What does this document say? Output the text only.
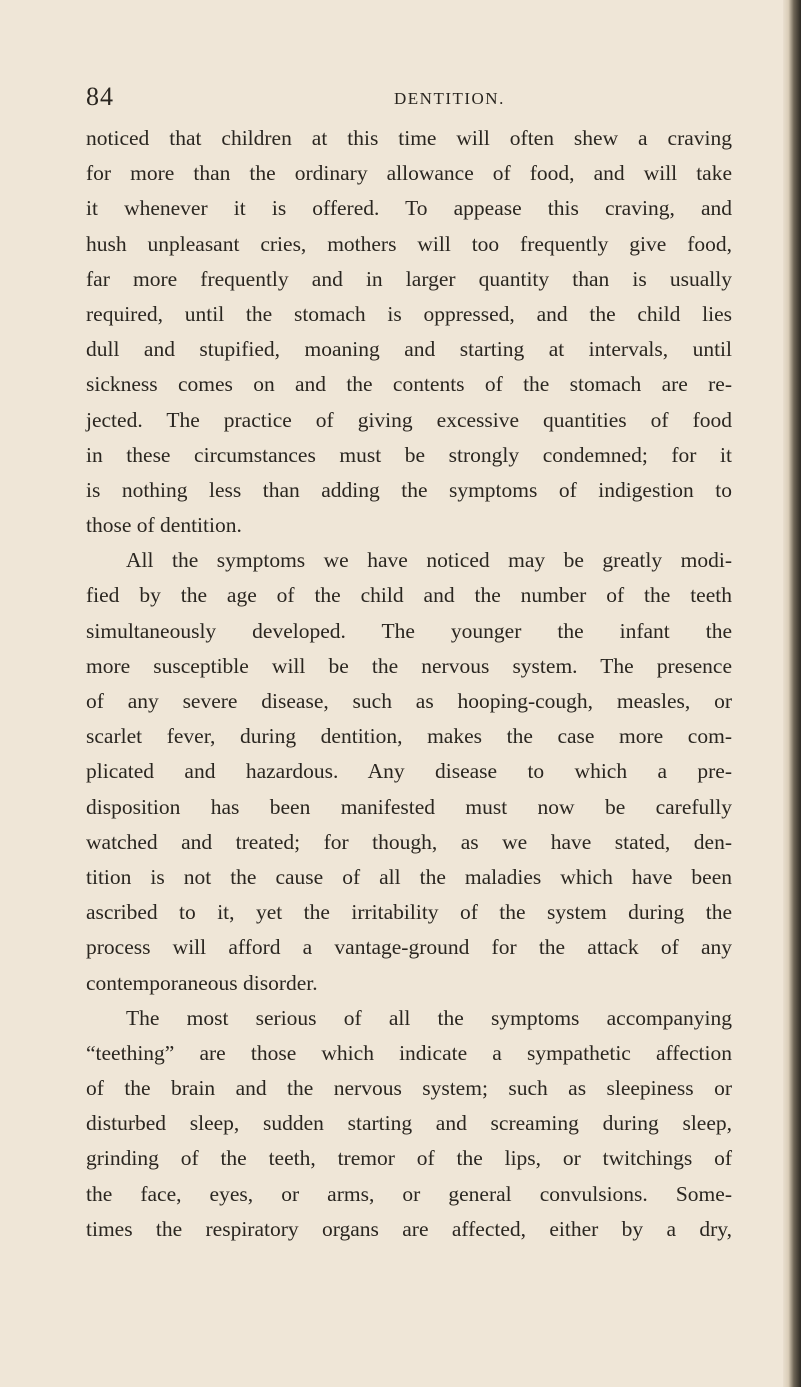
84	DENTITION.
noticed that children at this time will often shew a craving
for more than the ordinary allowance of food, and will take
it whenever it is offered. To appease this craving, and
hush unpleasant cries, mothers will too frequently give food,
far more frequently and in larger quantity than is usually
required, until the stomach is oppressed, and the child lies
dull and stupified, moaning and starting at intervals, until
sickness comes on and the contents of the stomach are re-
jected. The practice of giving excessive quantities of food
in these circumstances must be strongly condemned; for it
is nothing less than adding the symptoms of indigestion to
those of dentition.
All the symptoms we have noticed may be greatly modi-
fied by the age of the child and the number of the teeth
simultaneously developed. The younger the infant the
more susceptible will be the nervous system. The presence
of any severe disease, such as hooping-cough, measles, or
scarlet fever, during dentition, makes the case more com-
plicated and hazardous. Any disease to which a pre-
disposition has been manifested must now be carefully
watched and treated; for though, as we have stated, den-
tition is not the cause of all the maladies which have been
ascribed to it, yet the irritability of the system during the
process will afford a vantage-ground for the attack of any
contemporaneous disorder.
The most serious of all the symptoms accompanying
“teething” are those which indicate a sympathetic affection
of the brain and the nervous system; such as sleepiness or
disturbed sleep, sudden starting and screaming during sleep,
grinding of the teeth, tremor of the lips, or twitchings of
the face, eyes, or arms, or general convulsions. Some-
times the respiratory organs are affected, either by a dry,
